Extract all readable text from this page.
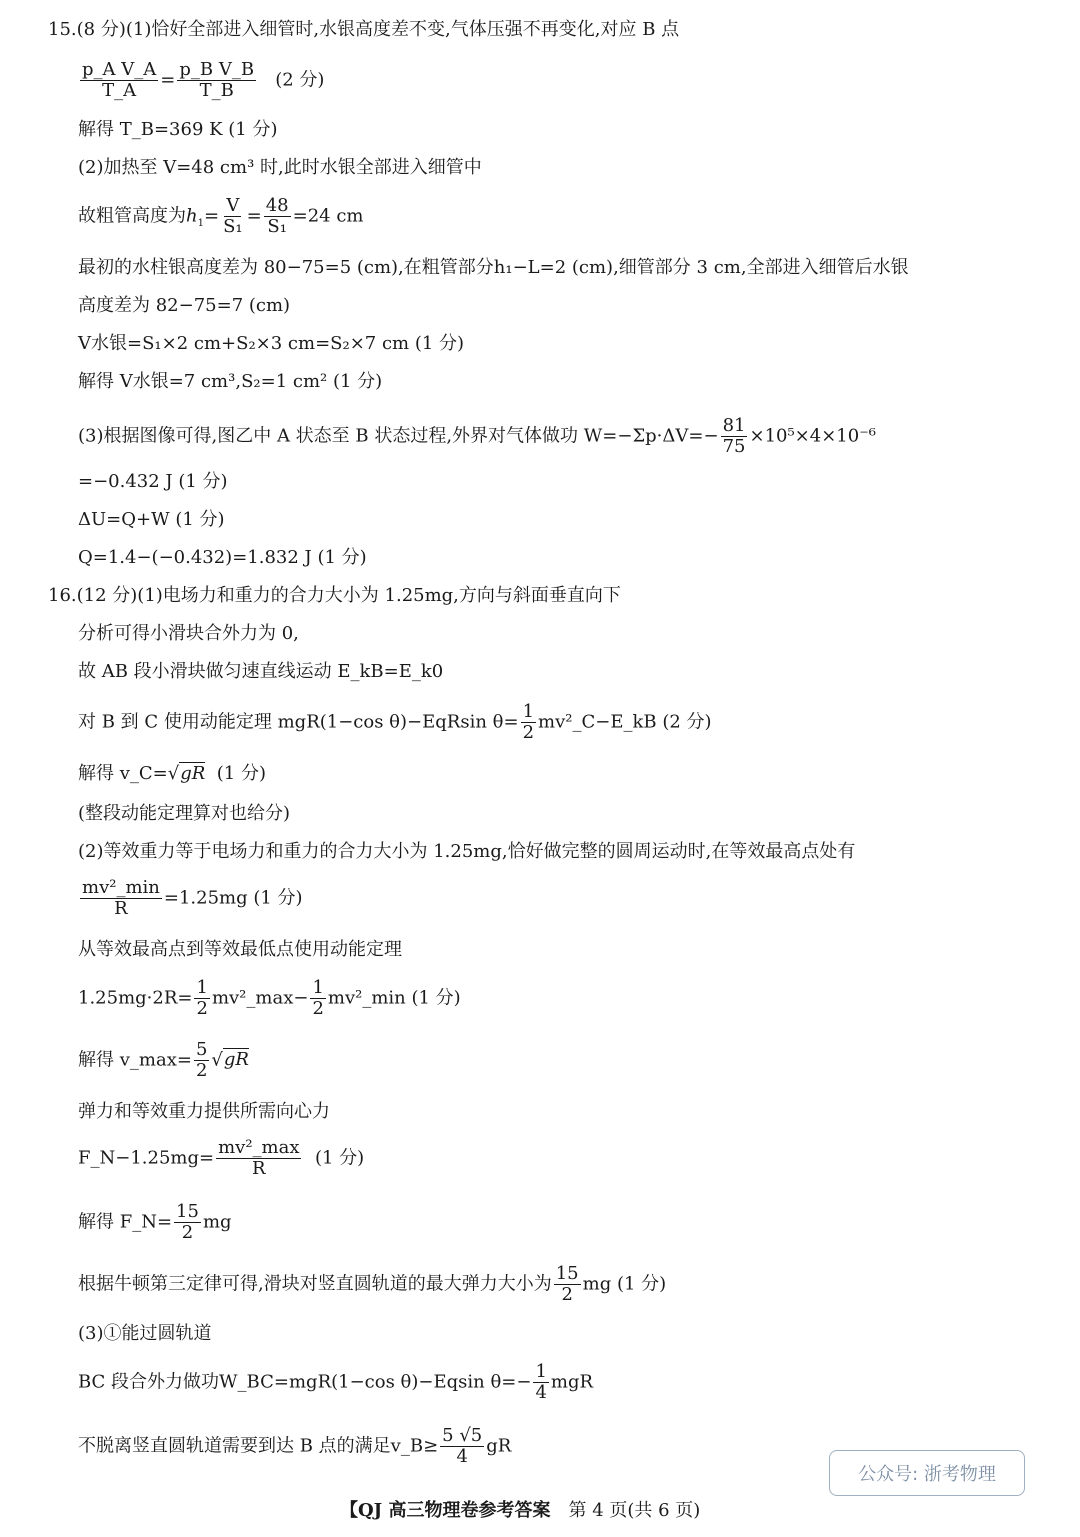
15.(8 分)(1)恰好全部进入细管时,水银高度差不变,气体压强不再变化,对应 B 点
$\frac{\text{p\_A V\_A}}{T\_A} = \frac{\text{p\_B V\_B}}{T\_B} (2$ 分)
解得 T_B=369 K (1 分)
(2)加热至 V=48 cm³ 时,此时水银全部进入细管中
故粗管高度为$h_1= \frac{V}{\text{S₁}} = \frac{48}{\text{S₁}} =24$ cm
最初的水柱银高度差为 80−75=5 (cm),在粗管部分h₁−L=2 (cm),细管部分 3 cm,全部进入细管后水银
高度差为 82−75=7 (cm)
V水银=S₁×2 cm+S₂×3 cm=S₂×7 cm (1 分)
解得 V水银=7 cm³,S₂=1 cm² (1 分)
(3)根据图像可得,图乙中 A 状态至 B 状态过程,外界对气体做功 $W=-\Sigma p\cdot\Delta V=- \frac{81}{75} \times 10^5\times 4\times 10^{-6}$
=−0.432 J (1 分)
ΔU=Q+W (1 分)
Q=1.4−(−0.432)=1.832 J (1 分)
16.(12 分)(1)电场力和重力的合力大小为 1.25mg,方向与斜面垂直向下
分析可得小滑块合外力为 0,
故 AB 段小滑块做匀速直线运动 E_kB=E_k0
对 B 到 C 使用动能定理 mgR(1−cos θ)−EqRsin $\theta= \frac{1}{2}$ mv²_C−E_kB (2 分)
解得 v_C=√gR (1 分)
(整段动能定理算对也给分)
(2)等效重力等于电场力和重力的合力大小为 1.25mg,恰好做完整的圆周运动时,在等效最高点处有
mv²_min
R =1.25mg (1 分)
从等效最高点到等效最低点使用动能定理
$1.25mg\cdot 2R= \frac{1}{2}$ mv²_max− $\frac{1}{2}$ mv²_min (1 分)
解得 v_max= $\frac{5}{2} √gR$
弹力和等效重力提供所需向心力
F_N−1.25mg= mv²_max
R	(1 分)
解得 F_N= $\frac{15}{2}$ mg
根据牛顿第三定律可得,滑块对竖直圆轨道的最大弹力大小为 $\frac{15}{2}$ mg (1 分)
(3)①能过圆轨道
BC 段合外力做功W_BC=mgR(1−cos θ)−Eqsin $\theta=- \frac{1}{4}$ mgR
不脱离竖直圆轨道需要到达 B 点的满足v_B≥ $\frac{5 √5}{4}$ gR
公众号: 浙考物理
【QJ 高三物理卷参考答案 第 4 页(共 6 页)
